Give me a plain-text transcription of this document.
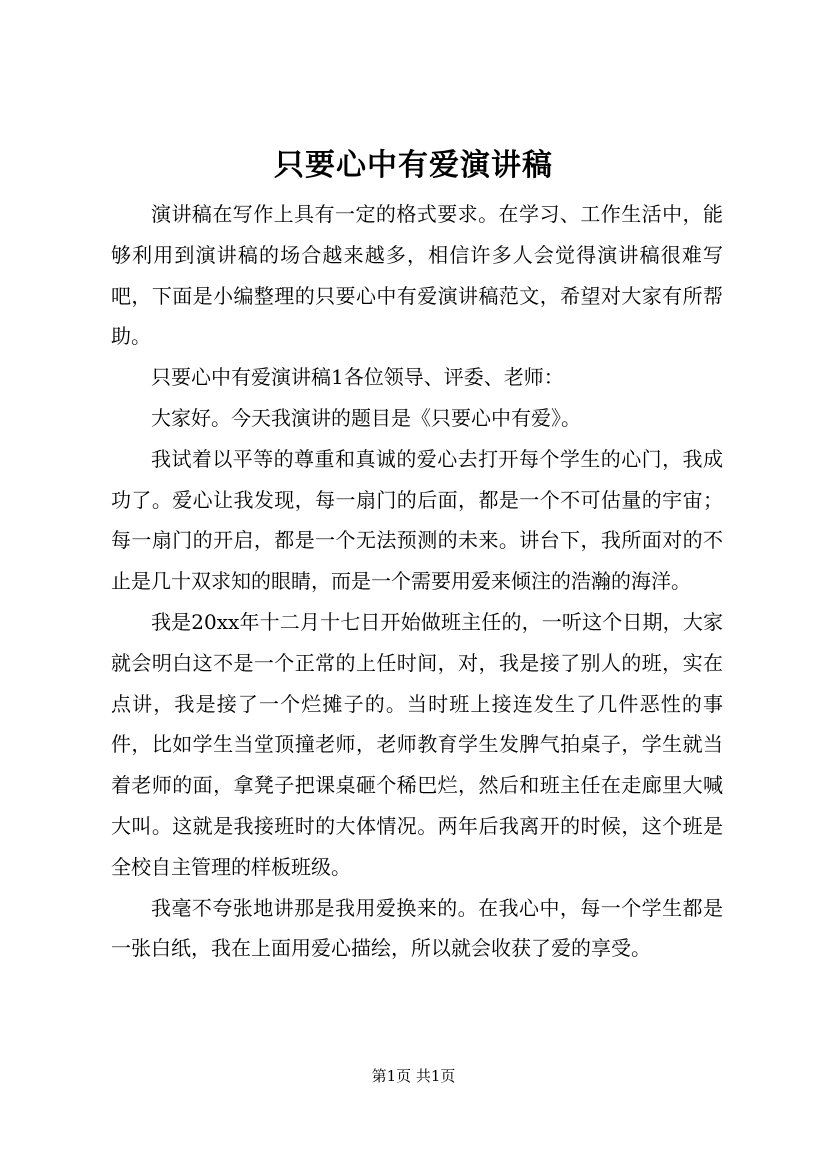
只要心中有爱演讲稿

演讲稿在写作上具有一定的格式要求。在学习、工作生活中，能够利用到演讲稿的场合越来越多，相信许多人会觉得演讲稿很难写吧，下面是小编整理的只要心中有爱演讲稿范文，希望对大家有所帮助。

只要心中有爱演讲稿1各位领导、评委、老师：

大家好。今天我演讲的题目是《只要心中有爱》。

我试着以平等的尊重和真诚的爱心去打开每个学生的心门，我成功了。爱心让我发现，每一扇门的后面，都是一个不可估量的宇宙；每一扇门的开启，都是一个无法预测的未来。讲台下，我所面对的不止是几十双求知的眼睛，而是一个需要用爱来倾注的浩瀚的海洋。

我是20xx年十二月十七日开始做班主任的，一听这个日期，大家就会明白这不是一个正常的上任时间，对，我是接了别人的班，实在点讲，我是接了一个烂摊子的。当时班上接连发生了几件恶性的事件，比如学生当堂顶撞老师，老师教育学生发脾气拍桌子，学生就当着老师的面，拿凳子把课桌砸个稀巴烂，然后和班主任在走廊里大喊大叫。这就是我接班时的大体情况。两年后我离开的时候，这个班是全校自主管理的样板班级。

我毫不夸张地讲那是我用爱换来的。在我心中，每一个学生都是一张白纸，我在上面用爱心描绘，所以就会收获了爱的享受。

第1页 共1页
